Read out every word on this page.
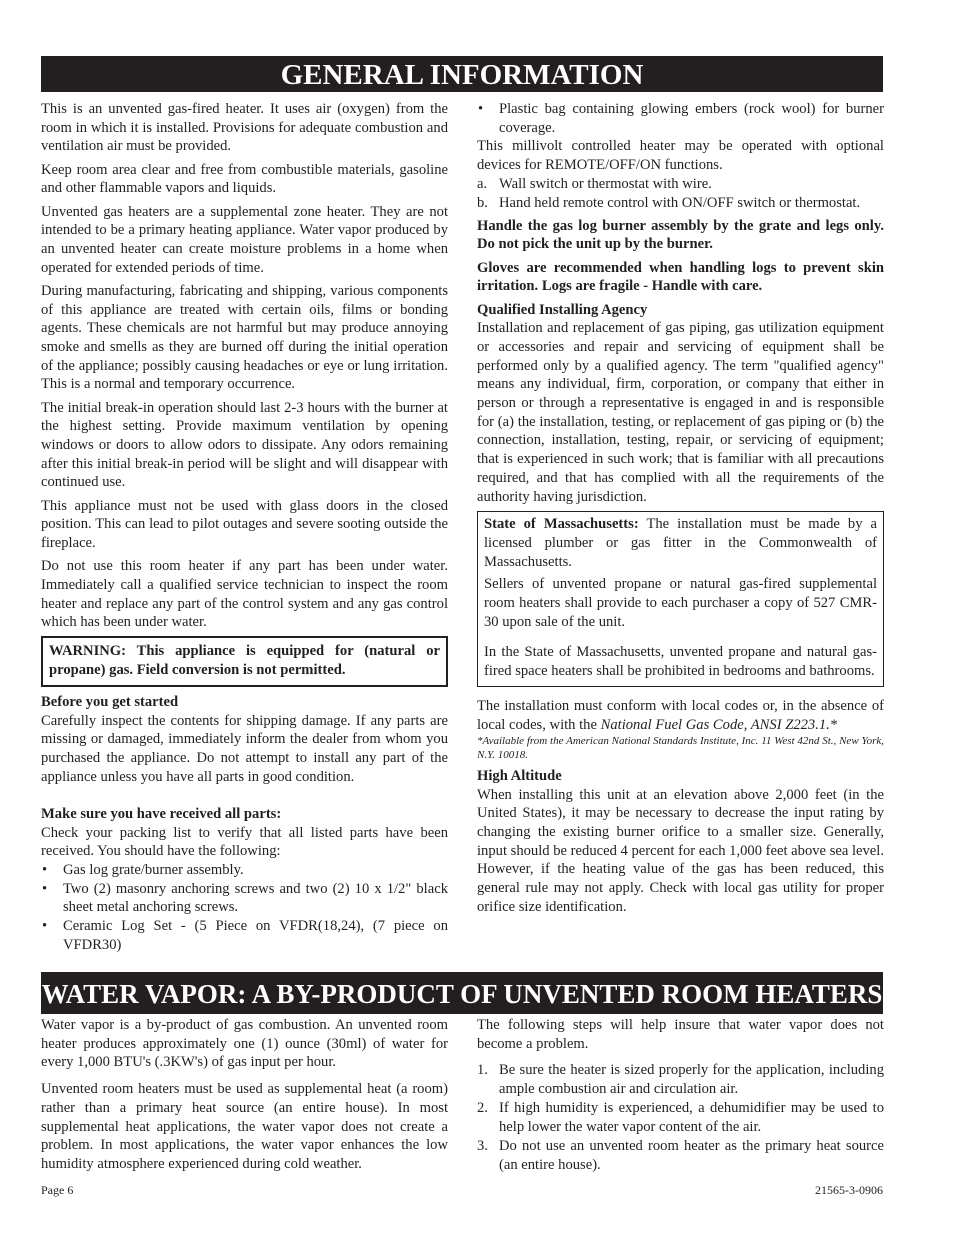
GENERAL INFORMATION

This is an unvented gas-fired heater. It uses air (oxygen) from the room in which it is installed. Provisions for adequate combustion and ventilation air must be provided.

Keep room area clear and free from combustible materials, gasoline and other flammable vapors and liquids.

Unvented gas heaters are a supplemental zone heater. They are not intended to be a primary heating appliance. Water vapor produced by an unvented heater can create moisture problems in a home when operated for extended periods of time.

During manufacturing, fabricating and shipping, various components of this appliance are treated with certain oils, films or bonding agents. These chemicals are not harmful but may produce annoying smoke and smells as they are burned off during the initial operation of the appliance; possibly causing headaches or eye or lung irritation. This is a normal and temporary occurrence.

The initial break-in operation should last 2-3 hours with the burner at the highest setting. Provide maximum ventilation by opening windows or doors to allow odors to dissipate. Any odors remaining after this initial break-in period will be slight and will disappear with continued use.

This appliance must not be used with glass doors in the closed position. This can lead to pilot outages and severe sooting outside the fireplace.

Do not use this room heater if any part has been under water. Immediately call a qualified service technician to inspect the room heater and replace any part of the control system and any gas control which has been under water.

WARNING: This appliance is equipped for (natural or propane) gas. Field conversion is not permitted.

Before you get started

Carefully inspect the contents for shipping damage. If any parts are missing or damaged, immediately inform the dealer from whom you purchased the appliance. Do not attempt to install any part of the appliance unless you have all parts in good condition.

Make sure you have received all parts:

Check your packing list to verify that all listed parts have been received. You should have the following:

• Gas log grate/burner assembly.
• Two (2) masonry anchoring screws and two (2) 10 x 1/2" black sheet metal anchoring screws.
• Ceramic Log Set - (5 Piece on VFDR(18,24), (7 piece on VFDR30)
• Plastic bag containing glowing embers (rock wool) for burner coverage.

This millivolt controlled heater may be operated with optional devices for REMOTE/OFF/ON functions.

a. Wall switch or thermostat with wire.
b. Hand held remote control with ON/OFF switch or thermostat.

Handle the gas log burner assembly by the grate and legs only. Do not pick the unit up by the burner.

Gloves are recommended when handling logs to prevent skin irritation. Logs are fragile - Handle with care.

Qualified Installing Agency

Installation and replacement of gas piping, gas utilization equipment or accessories and repair and servicing of equipment shall be performed only by a qualified agency. The term "qualified agency" means any individual, firm, corporation, or company that either in person or through a representative is engaged in and is responsible for (a) the installation, testing, or replacement of gas piping or (b) the connection, installation, testing, repair, or servicing of equipment; that is experienced in such work; that is familiar with all precautions required, and that has complied with all the requirements of the authority having jurisdiction.

State of Massachusetts: The installation must be made by a licensed plumber or gas fitter in the Commonwealth of Massachusetts.

Sellers of unvented propane or natural gas-fired supplemental room heaters shall provide to each purchaser a copy of 527 CMR-30 upon sale of the unit.

In the State of Massachusetts, unvented propane and natural gas-fired space heaters shall be prohibited in bedrooms and bathrooms.

The installation must conform with local codes or, in the absence of local codes, with the National Fuel Gas Code, ANSI Z223.1.*

*Available from the American National Standards Institute, Inc. 11 West 42nd St., New York, N.Y. 10018.

High Altitude

When installing this unit at an elevation above 2,000 feet (in the United States), it may be necessary to decrease the input rating by changing the existing burner orifice to a smaller size. Generally, input should be reduced 4 percent for each 1,000 feet above sea level. However, if the heating value of the gas has been reduced, this general rule may not apply. Check with local gas utility for proper orifice size identification.

WATER VAPOR: A BY-PRODUCT OF UNVENTED ROOM HEATERS

Water vapor is a by-product of gas combustion. An unvented room heater produces approximately one (1) ounce (30ml) of water for every 1,000 BTU's (.3KW's) of gas input per hour.

Unvented room heaters must be used as supplemental heat (a room) rather than a primary heat source (an entire house). In most supplemental heat applications, the water vapor does not create a problem. In most applications, the water vapor enhances the low humidity atmosphere experienced during cold weather.

The following steps will help insure that water vapor does not become a problem.

1. Be sure the heater is sized properly for the application, including ample combustion air and circulation air.
2. If high humidity is experienced, a dehumidifier may be used to help lower the water vapor content of the air.
3. Do not use an unvented room heater as the primary heat source (an entire house).
Page 6	21565-3-0906
